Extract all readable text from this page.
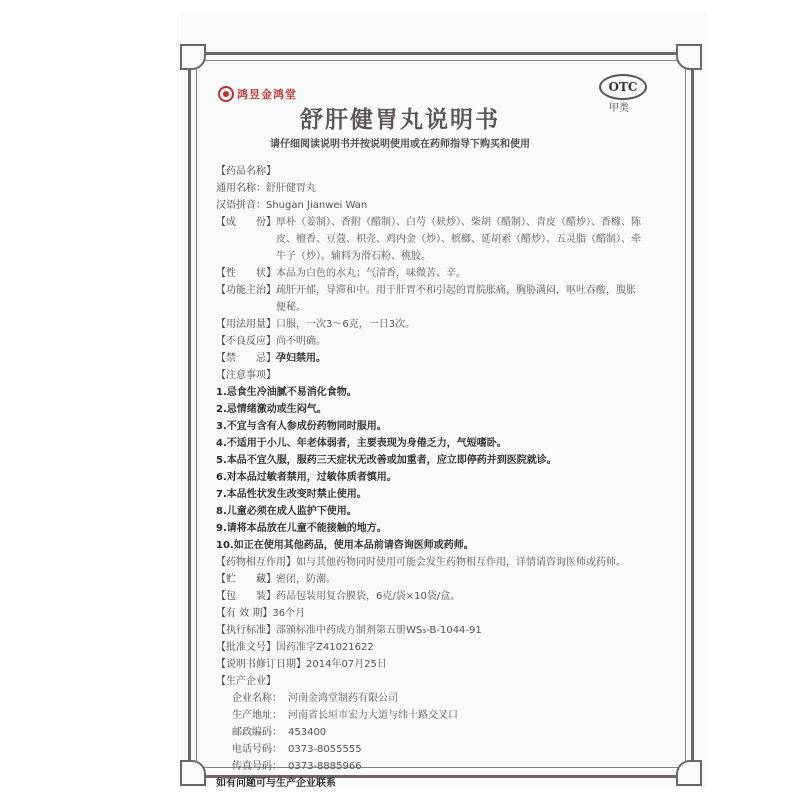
鸿昱金鸿堂
OTC
甲类
舒肝健胃丸说明书
请仔细阅读说明书并按说明使用或在药师指导下购买和使用
【药品名称】
通用名称： 舒肝健胃丸
汉语拼音： Shugan Jianwei Wan
【成　　份】 厚朴（姜制）、香附（醋制）、白芍（麸炒）、柴胡（醋制）、青皮（醋炒）、香橼、陈皮、檀香、豆蔻、枳壳、鸡内金（炒）、槟榔、延胡索（醋炒）、五灵脂（醋制）、牵牛子（炒）。辅料为滑石粉、桃胶。
【性　　状】 本品为白色的水丸；气清香，味微苦、辛。
【功能主治】 疏肝开郁，导滞和中。用于肝胃不和引起的胃脘胀痛，胸胁满闷，呕吐吞酸，腹胀便秘。
【用法用量】 口服，一次3～6克，一日3次。
【不良反应】 尚不明确。
【禁　　忌】 孕妇禁用。
【注意事项】
1.忌食生冷油腻不易消化食物。
2.忌情绪激动或生闷气。
3.不宜与含有人参成份药物同时服用。
4.不适用于小儿、年老体弱者，主要表现为身倦乏力，气短嗜卧。
5.本品不宜久服，服药三天症状无改善或加重者，应立即停药并到医院就诊。
6.对本品过敏者禁用，过敏体质者慎用。
7.本品性状发生改变时禁止使用。
8.儿童必须在成人监护下使用。
9.请将本品放在儿童不能接触的地方。
10.如正在使用其他药品，使用本品前请咨询医师或药师。
【药物相互作用】 如与其他药物同时使用可能会发生药物相互作用，详情请咨询医师或药师。
【贮　　藏】 密闭，防潮。
【包　　装】 药品包装用复合膜袋，6克/袋×10袋/盒。
【有 效 期】 36个月
【执行标准】 部颁标准中药成方制剂第五册WS₃-B-1044-91
【批准文号】 国药准字Z41021622
【说明书修订日期】 2014年07月25日
【生产企业】
企业名称： 河南金鸿堂制药有限公司
生产地址： 河南省长垣市宏力大道与纬十路交叉口
邮政编码： 453400
电话号码： 0373-8055555
传真号码： 0373-8885966
如有问题可与生产企业联系
